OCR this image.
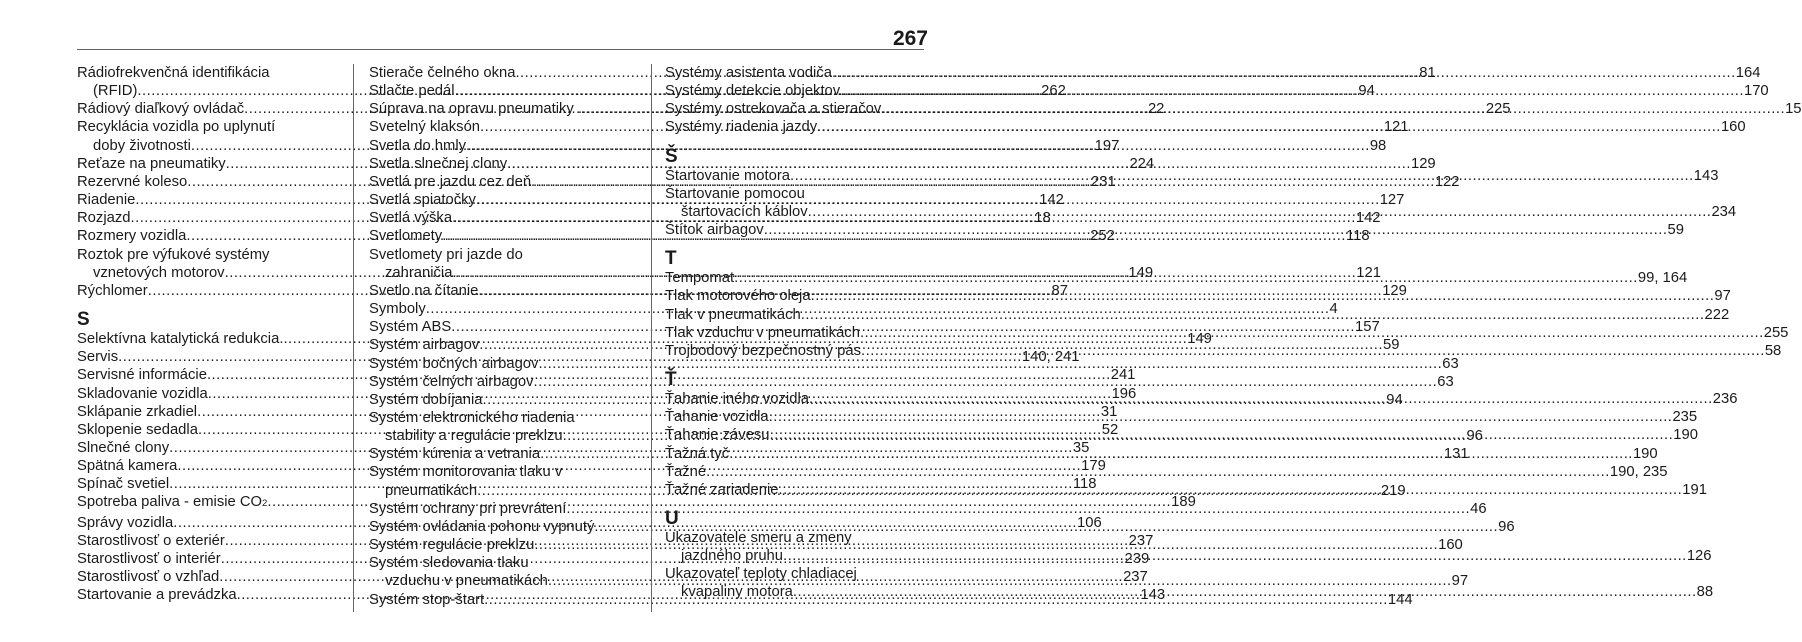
267
Rádiofrekvenčná identifikácia
(RFID) .....	262
Rádiový diaľkový ovládač .....	22
Recyklácia vozidla po uplynutí
doby životnosti .....	197
Reťaze na pneumatiky .....	224
Rezervné koleso .....	231
Riadenie .....	142
Rozjazd .....	18
Rozmery vozidla .....	252
Roztok pre výfukové systémy
vznetových motorov .....	149
Rýchlomer .....	87
S
Selektívna katalytická redukcia. .....	149
Servis .....	140, 241
Servisné informácie .....	241
Skladovanie vozidla .....	196
Sklápanie zrkadiel .....	31
Sklopenie sedadla .....	52
Slnečné clony .....	35
Spätná kamera .....	179
Spínač svetiel .....	118
Spotreba paliva - emisie CO 2 .....	189
Správy vozidla .....	106
Starostlivosť o exteriér .....	237
Starostlivosť o interiér .....	239
Starostlivosť o vzhľad .....	237
Startovanie a prevádzka .....	143
Stierače čelného okna .....	81
Stlačte pedál .....	94
Súprava na opravu pneumatiky . .....	225
Svetelný klaksón .....	121
Svetla do hmly .....	98
Svetla slnečnej clony .....	129
Svetlá pre jazdu cez deň .....	122
Svetlá spiatočky .....	127
Svetlá výška .....	142
Svetlomety .....	118
Svetlomety pri jazde do
zahraničia .....	121
Svetlo na čítanie .....	129
Symboly .....	4
Systém ABS .....	157
Systém airbagov .....	59
Systém bočných airbagov .....	63
Systém čelných airbagov .....	63
Systém dobíjania .....	94
Systém elektronického riadenia
stability a regulácie preklzu .....	96
Systém kúrenia a vetrania .....	131
Systém monitorovania tlaku v
pneumatikách .....	219
Systém ochrany pri prevrátení .....	46
Systém ovládania pohonu vypnutý .....	96
Systém regulácie preklzu .....	160
Systém sledovania tlaku
vzduchu v pneumatikách .....	97
Systém stop-štart .....	144
Systémy asistenta vodiča .....	164
Systémy detekcie objektov .....	170
Systémy ostrekovača a stieračov .....	15
Systémy riadenia jazdy .....	160
Š
Štartovanie motora .....	143
Štartovanie pomocou
štartovacích káblov .....	234
Štítok airbagov .....	59
T
Tempomat .....	99, 164
Tlak motorového oleja .....	97
Tlak v pneumatikách .....	222
Tlak vzduchu v pneumatikách .....	255
Trojbodový bezpečnostný pás .....	58
Ť
Ťahanie iného vozidla .....	236
Ťahanie vozidla .....	235
Ťahanie závesu .....	190
Ťažná tyč .....	190
Ťažné .....	190, 235
Ťažné zariadenie .....	191
U
Ukazovatele smeru a zmeny
jazdného pruhu .....	126
Ukazovateľ teploty chladiacej
kvapaliny motora .....	88
